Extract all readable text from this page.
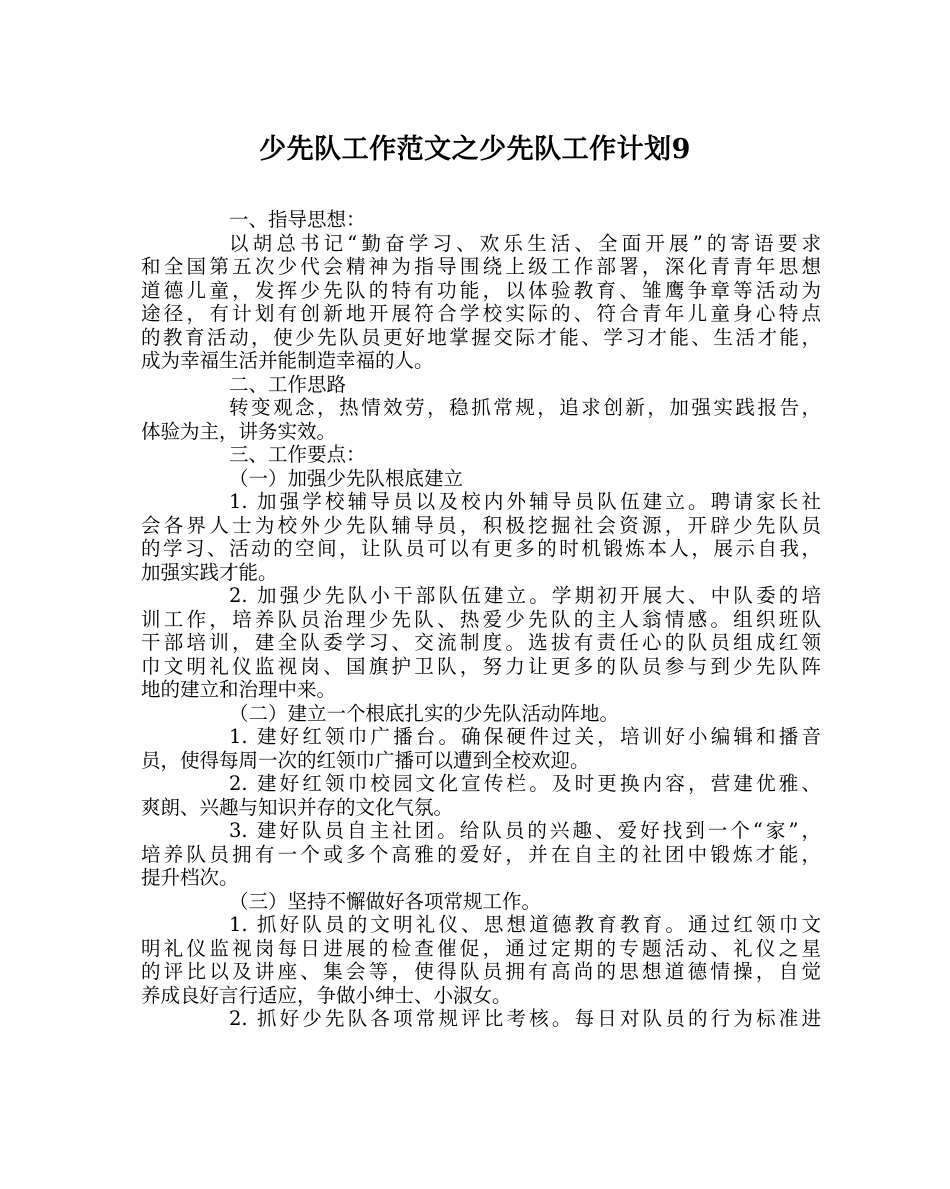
少先队工作范文之少先队工作计划9
一、指导思想：
以胡总书记“勤奋学习、欢乐生活、全面开展”的寄语要求
和全国第五次少代会精神为指导围绕上级工作部署，深化青青年思想
道德儿童，发挥少先队的特有功能，以体验教育、雏鹰争章等活动为
途径，有计划有创新地开展符合学校实际的、符合青年儿童身心特点
的教育活动，使少先队员更好地掌握交际才能、学习才能、生活才能，
成为幸福生活并能制造幸福的人。
二、工作思路
转变观念，热情效劳，稳抓常规，追求创新，加强实践报告，
体验为主，讲务实效。
三、工作要点：
（一）加强少先队根底建立
1. 加强学校辅导员以及校内外辅导员队伍建立。聘请家长社
会各界人士为校外少先队辅导员，积极挖掘社会资源，开辟少先队员
的学习、活动的空间，让队员可以有更多的时机锻炼本人，展示自我，
加强实践才能。
2. 加强少先队小干部队伍建立。学期初开展大、中队委的培
训工作，培养队员治理少先队、热爱少先队的主人翁情感。组织班队
干部培训，建全队委学习、交流制度。选拔有责任心的队员组成红领
巾文明礼仪监视岗、国旗护卫队，努力让更多的队员参与到少先队阵
地的建立和治理中来。
（二）建立一个根底扎实的少先队活动阵地。
1. 建好红领巾广播台。确保硬件过关，培训好小编辑和播音
员，使得每周一次的红领巾广播可以遭到全校欢迎。
2. 建好红领巾校园文化宣传栏。及时更换内容，营建优雅、
爽朗、兴趣与知识并存的文化气氛。
3. 建好队员自主社团。给队员的兴趣、爱好找到一个“家”，
培养队员拥有一个或多个高雅的爱好，并在自主的社团中锻炼才能，
提升档次。
（三）坚持不懈做好各项常规工作。
1. 抓好队员的文明礼仪、思想道德教育教育。通过红领巾文
明礼仪监视岗每日进展的检查催促，通过定期的专题活动、礼仪之星
的评比以及讲座、集会等，使得队员拥有高尚的思想道德情操，自觉
养成良好言行适应，争做小绅士、小淑女。
2. 抓好少先队各项常规评比考核。每日对队员的行为标准进
